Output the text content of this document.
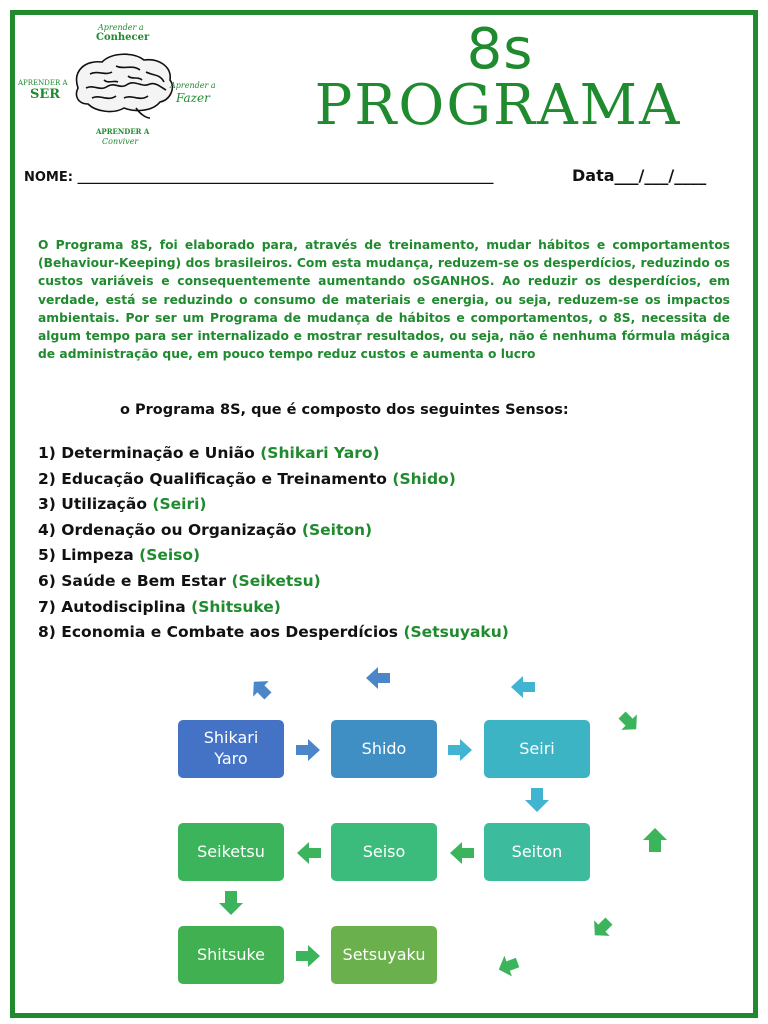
Aprender a
Conhecer
APRENDER A
SER
Aprender a
Fazer
APRENDER A
Conviver
8s
PROGRAMA
NOME: ________________________________________________________________	Data___/___/____
O Programa 8S, foi elaborado para, através de treinamento, mudar hábitos e comportamentos (Behaviour-Keeping) dos brasileiros. Com esta mudança, reduzem-se os desperdícios, reduzindo os custos variáveis e consequentemente aumentando oSGANHOS. Ao reduzir os desperdícios, em verdade, está se reduzindo o consumo de materiais e energia, ou seja, reduzem-se os impactos ambientais. Por ser um Programa de mudança de hábitos e comportamentos, o 8S, necessita de algum tempo para ser internalizado e mostrar resultados, ou seja, não é nenhuma fórmula mágica de administração que, em pouco tempo reduz custos e aumenta o lucro
o Programa 8S, que é composto dos seguintes Sensos:
1) Determinação e União (Shikari Yaro)
2) Educação Qualificação e Treinamento (Shido)
3) Utilização (Seiri)
4) Ordenação ou Organização (Seiton)
5) Limpeza (Seiso)
6) Saúde e Bem Estar (Seiketsu)
7) Autodisciplina (Shitsuke)
8) Economia e Combate aos Desperdícios (Setsuyaku)
Shikari Yaro
Shido	Seiri
Seiton
Seiso
Seiketsu
Shitsuke	Setsuyaku
